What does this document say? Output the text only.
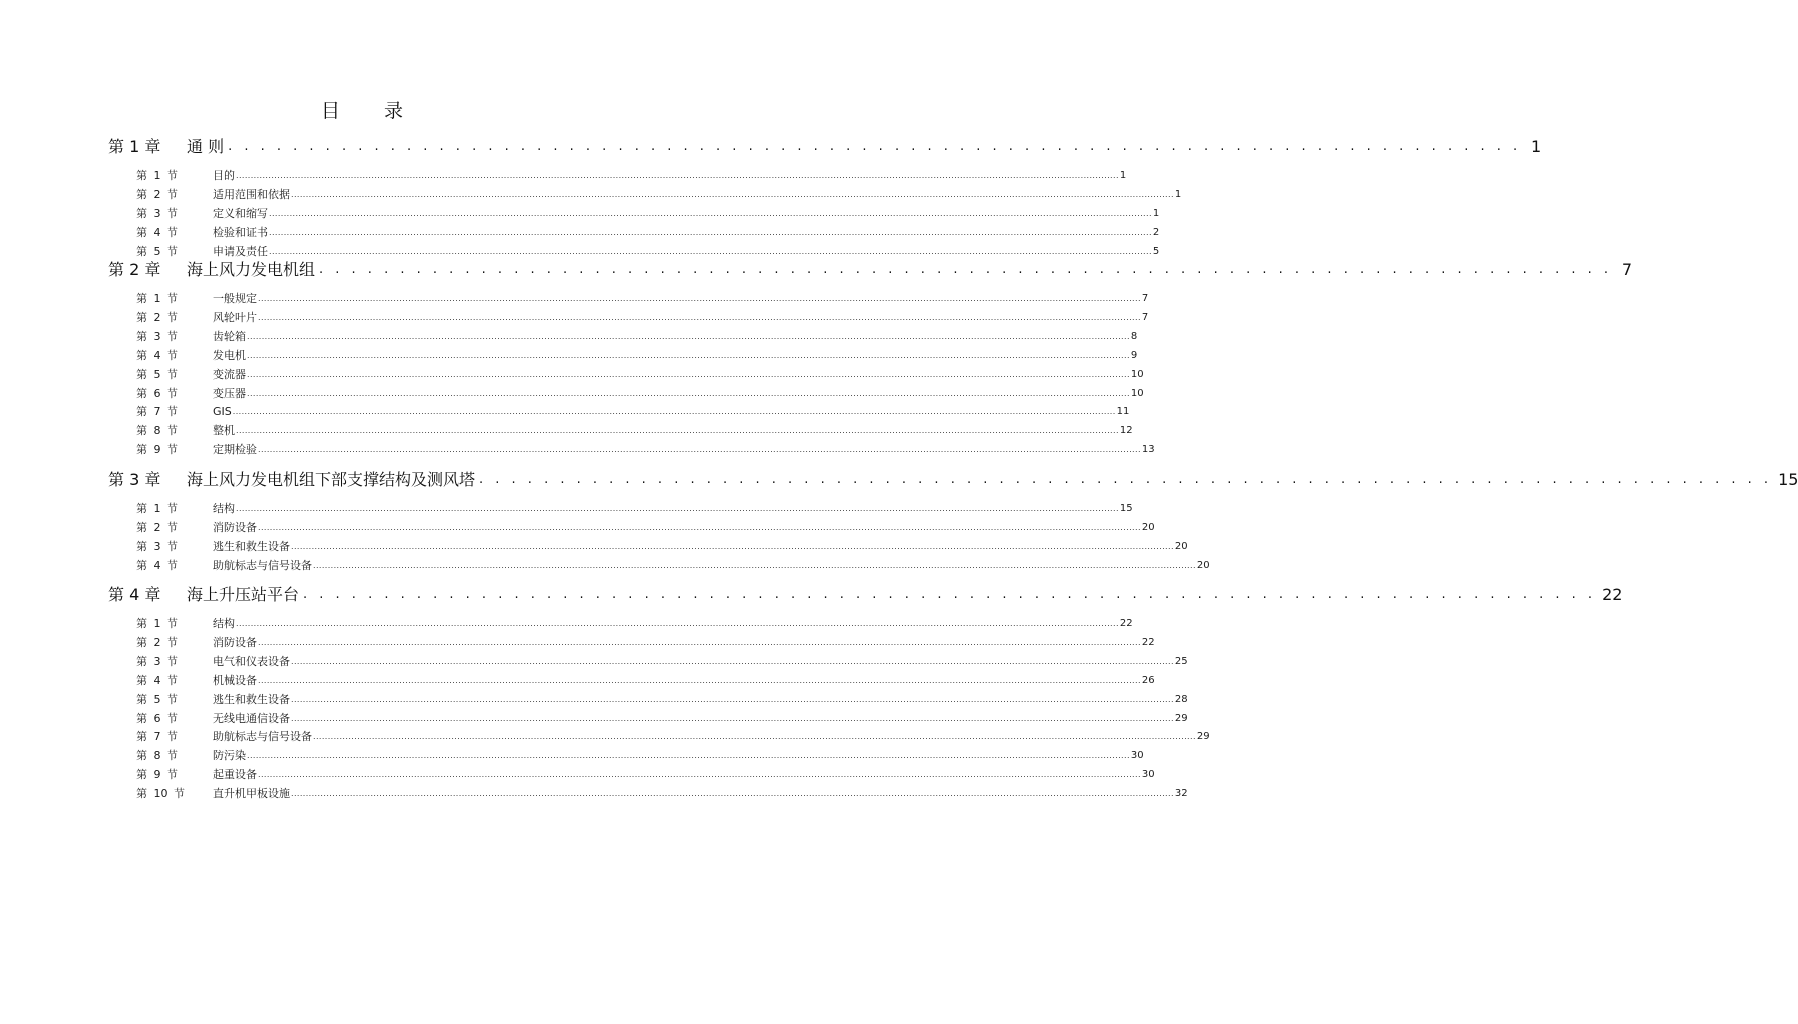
目 录
第 1 章	通 则 . . . . . . . . . . . . . . . . . . . . . . . . . . . . . . . . . . . . . . . . . . . . . . . . . . . . . . . . . . . . . . . . . . . . . . . . . . . . . . . . 1
第 1 节	目的 ............................................................................................................................................................................................................................................................................................................ 1
第 2 节	适用范围和依据 ............................................................................................................................................................................................................................................................................................................ 1
第 3 节	定义和缩写 ............................................................................................................................................................................................................................................................................................................ 1
第 4 节	检验和证书 ............................................................................................................................................................................................................................................................................................................ 2
第 5 节	申请及责任 ............................................................................................................................................................................................................................................................................................................ 5
第 2 章	海上风力发电机组 . . . . . . . . . . . . . . . . . . . . . . . . . . . . . . . . . . . . . . . . . . . . . . . . . . . . . . . . . . . . . . . . . . . . . . . . . . . . . . . . 7
第 1 节	一般规定 ............................................................................................................................................................................................................................................................................................................ 7
第 2 节	风轮叶片 ............................................................................................................................................................................................................................................................................................................ 7
第 3 节	齿轮箱 ............................................................................................................................................................................................................................................................................................................ 8
第 4 节	发电机 ............................................................................................................................................................................................................................................................................................................ 9
第 5 节	变流器 ............................................................................................................................................................................................................................................................................................................ 10
第 6 节	变压器 ............................................................................................................................................................................................................................................................................................................ 10
第 7 节	GIS ............................................................................................................................................................................................................................................................................................................ 11
第 8 节	整机 ............................................................................................................................................................................................................................................................................................................ 12
第 9 节	定期检验 ............................................................................................................................................................................................................................................................................................................ 13
第 3 章	海上风力发电机组下部支撑结构及测风塔 . . . . . . . . . . . . . . . . . . . . . . . . . . . . . . . . . . . . . . . . . . . . . . . . . . . . . . . . . . . . . . . . . . . . . . . . . . . . . . . . 15
第 1 节	结构 ............................................................................................................................................................................................................................................................................................................ 15
第 2 节	消防设备 ............................................................................................................................................................................................................................................................................................................ 20
第 3 节	逃生和救生设备 ............................................................................................................................................................................................................................................................................................................ 20
第 4 节	助航标志与信号设备 ............................................................................................................................................................................................................................................................................................................ 20
第 4 章	海上升压站平台 . . . . . . . . . . . . . . . . . . . . . . . . . . . . . . . . . . . . . . . . . . . . . . . . . . . . . . . . . . . . . . . . . . . . . . . . . . . . . . . . 22
第 1 节	结构 ............................................................................................................................................................................................................................................................................................................ 22
第 2 节	消防设备 ............................................................................................................................................................................................................................................................................................................ 22
第 3 节	电气和仪表设备 ............................................................................................................................................................................................................................................................................................................ 25
第 4 节	机械设备 ............................................................................................................................................................................................................................................................................................................ 26
第 5 节	逃生和救生设备 ............................................................................................................................................................................................................................................................................................................ 28
第 6 节	无线电通信设备 ............................................................................................................................................................................................................................................................................................................ 29
第 7 节	助航标志与信号设备 ............................................................................................................................................................................................................................................................................................................ 29
第 8 节	防污染 ............................................................................................................................................................................................................................................................................................................ 30
第 9 节	起重设备 ............................................................................................................................................................................................................................................................................................................ 30
第 10 节	直升机甲板设施 ............................................................................................................................................................................................................................................................................................................ 32
